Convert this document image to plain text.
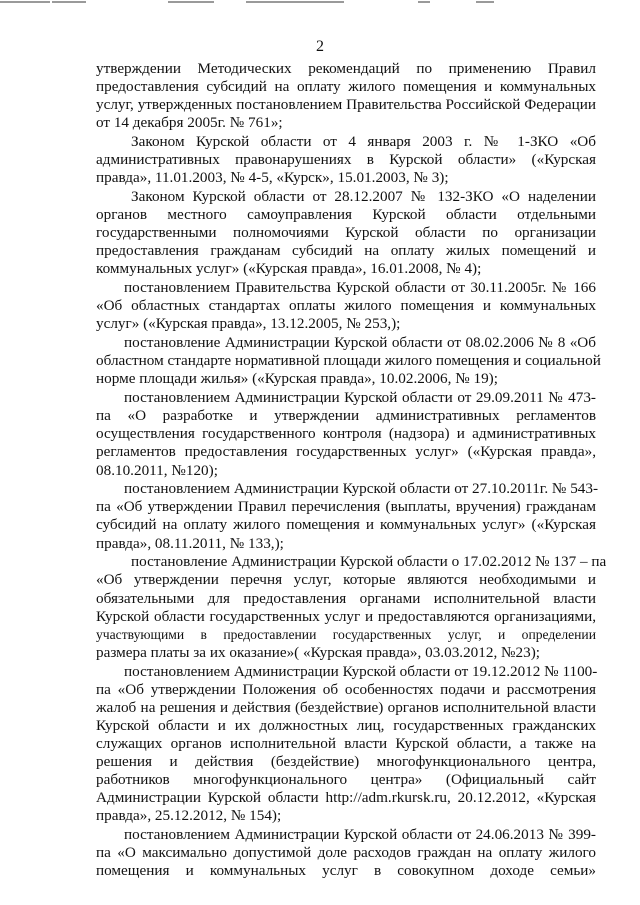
2
утверждении Методических рекомендаций по применению Правил
предоставления субсидий на оплату жилого помещения и коммунальных
услуг, утвержденных постановлением Правительства Российской Федерации
от 14 декабря 2005г. № 761»;
Законом Курской области от 4 января 2003 г. № 1-ЗКО «Об
административных правонарушениях в Курской области» («Курская
правда», 11.01.2003, № 4-5, «Курск», 15.01.2003, № 3);
Законом Курской области от 28.12.2007 № 132-ЗКО «О наделении
органов местного самоуправления Курской области отдельными
государственными полномочиями Курской области по организации
предоставления гражданам субсидий на оплату жилых помещений и
коммунальных услуг» («Курская правда», 16.01.2008, № 4);
постановлением Правительства Курской области от 30.11.2005г. № 166
«Об областных стандартах оплаты жилого помещения и коммунальных
услуг» («Курская правда», 13.12.2005, № 253,);
постановление Администрации Курской области от 08.02.2006 № 8 «Об
областном стандарте нормативной площади жилого помещения и социальной
норме площади жилья» («Курская правда», 10.02.2006, № 19);
постановлением Администрации Курской области от 29.09.2011 № 473-
па «О разработке и утверждении административных регламентов
осуществления государственного контроля (надзора) и административных
регламентов предоставления государственных услуг» («Курская правда»,
08.10.2011, №120);
постановлением Администрации Курской области от 27.10.2011г. № 543-
па «Об утверждении Правил перечисления (выплаты, вручения) гражданам
субсидий на оплату жилого помещения и коммунальных услуг» («Курская
правда», 08.11.2011, № 133,);
постановление Администрации Курской области о 17.02.2012 № 137 – па
«Об утверждении перечня услуг, которые являются необходимыми и
обязательными для предоставления органами исполнительной власти
Курской области государственных услуг и предоставляются организациями,
участвующими в предоставлении государственных услуг, и определении
размера платы за их оказание»( «Курская правда», 03.03.2012, №23);
постановлением Администрации Курской области от 19.12.2012 № 1100-
па «Об утверждении Положения об особенностях подачи и рассмотрения
жалоб на решения и действия (бездействие) органов исполнительной власти
Курской области и их должностных лиц, государственных гражданских
служащих органов исполнительной власти Курской области, а также на
решения и действия (бездействие) многофункционального центра,
работников многофункционального центра» (Официальный сайт
Администрации Курской области http://adm.rkursk.ru, 20.12.2012, «Курская
правда», 25.12.2012, № 154);
постановлением Администрации Курской области от 24.06.2013 № 399-
па «О максимально допустимой доле расходов граждан на оплату жилого
помещения и коммунальных услуг в совокупном доходе семьи»
